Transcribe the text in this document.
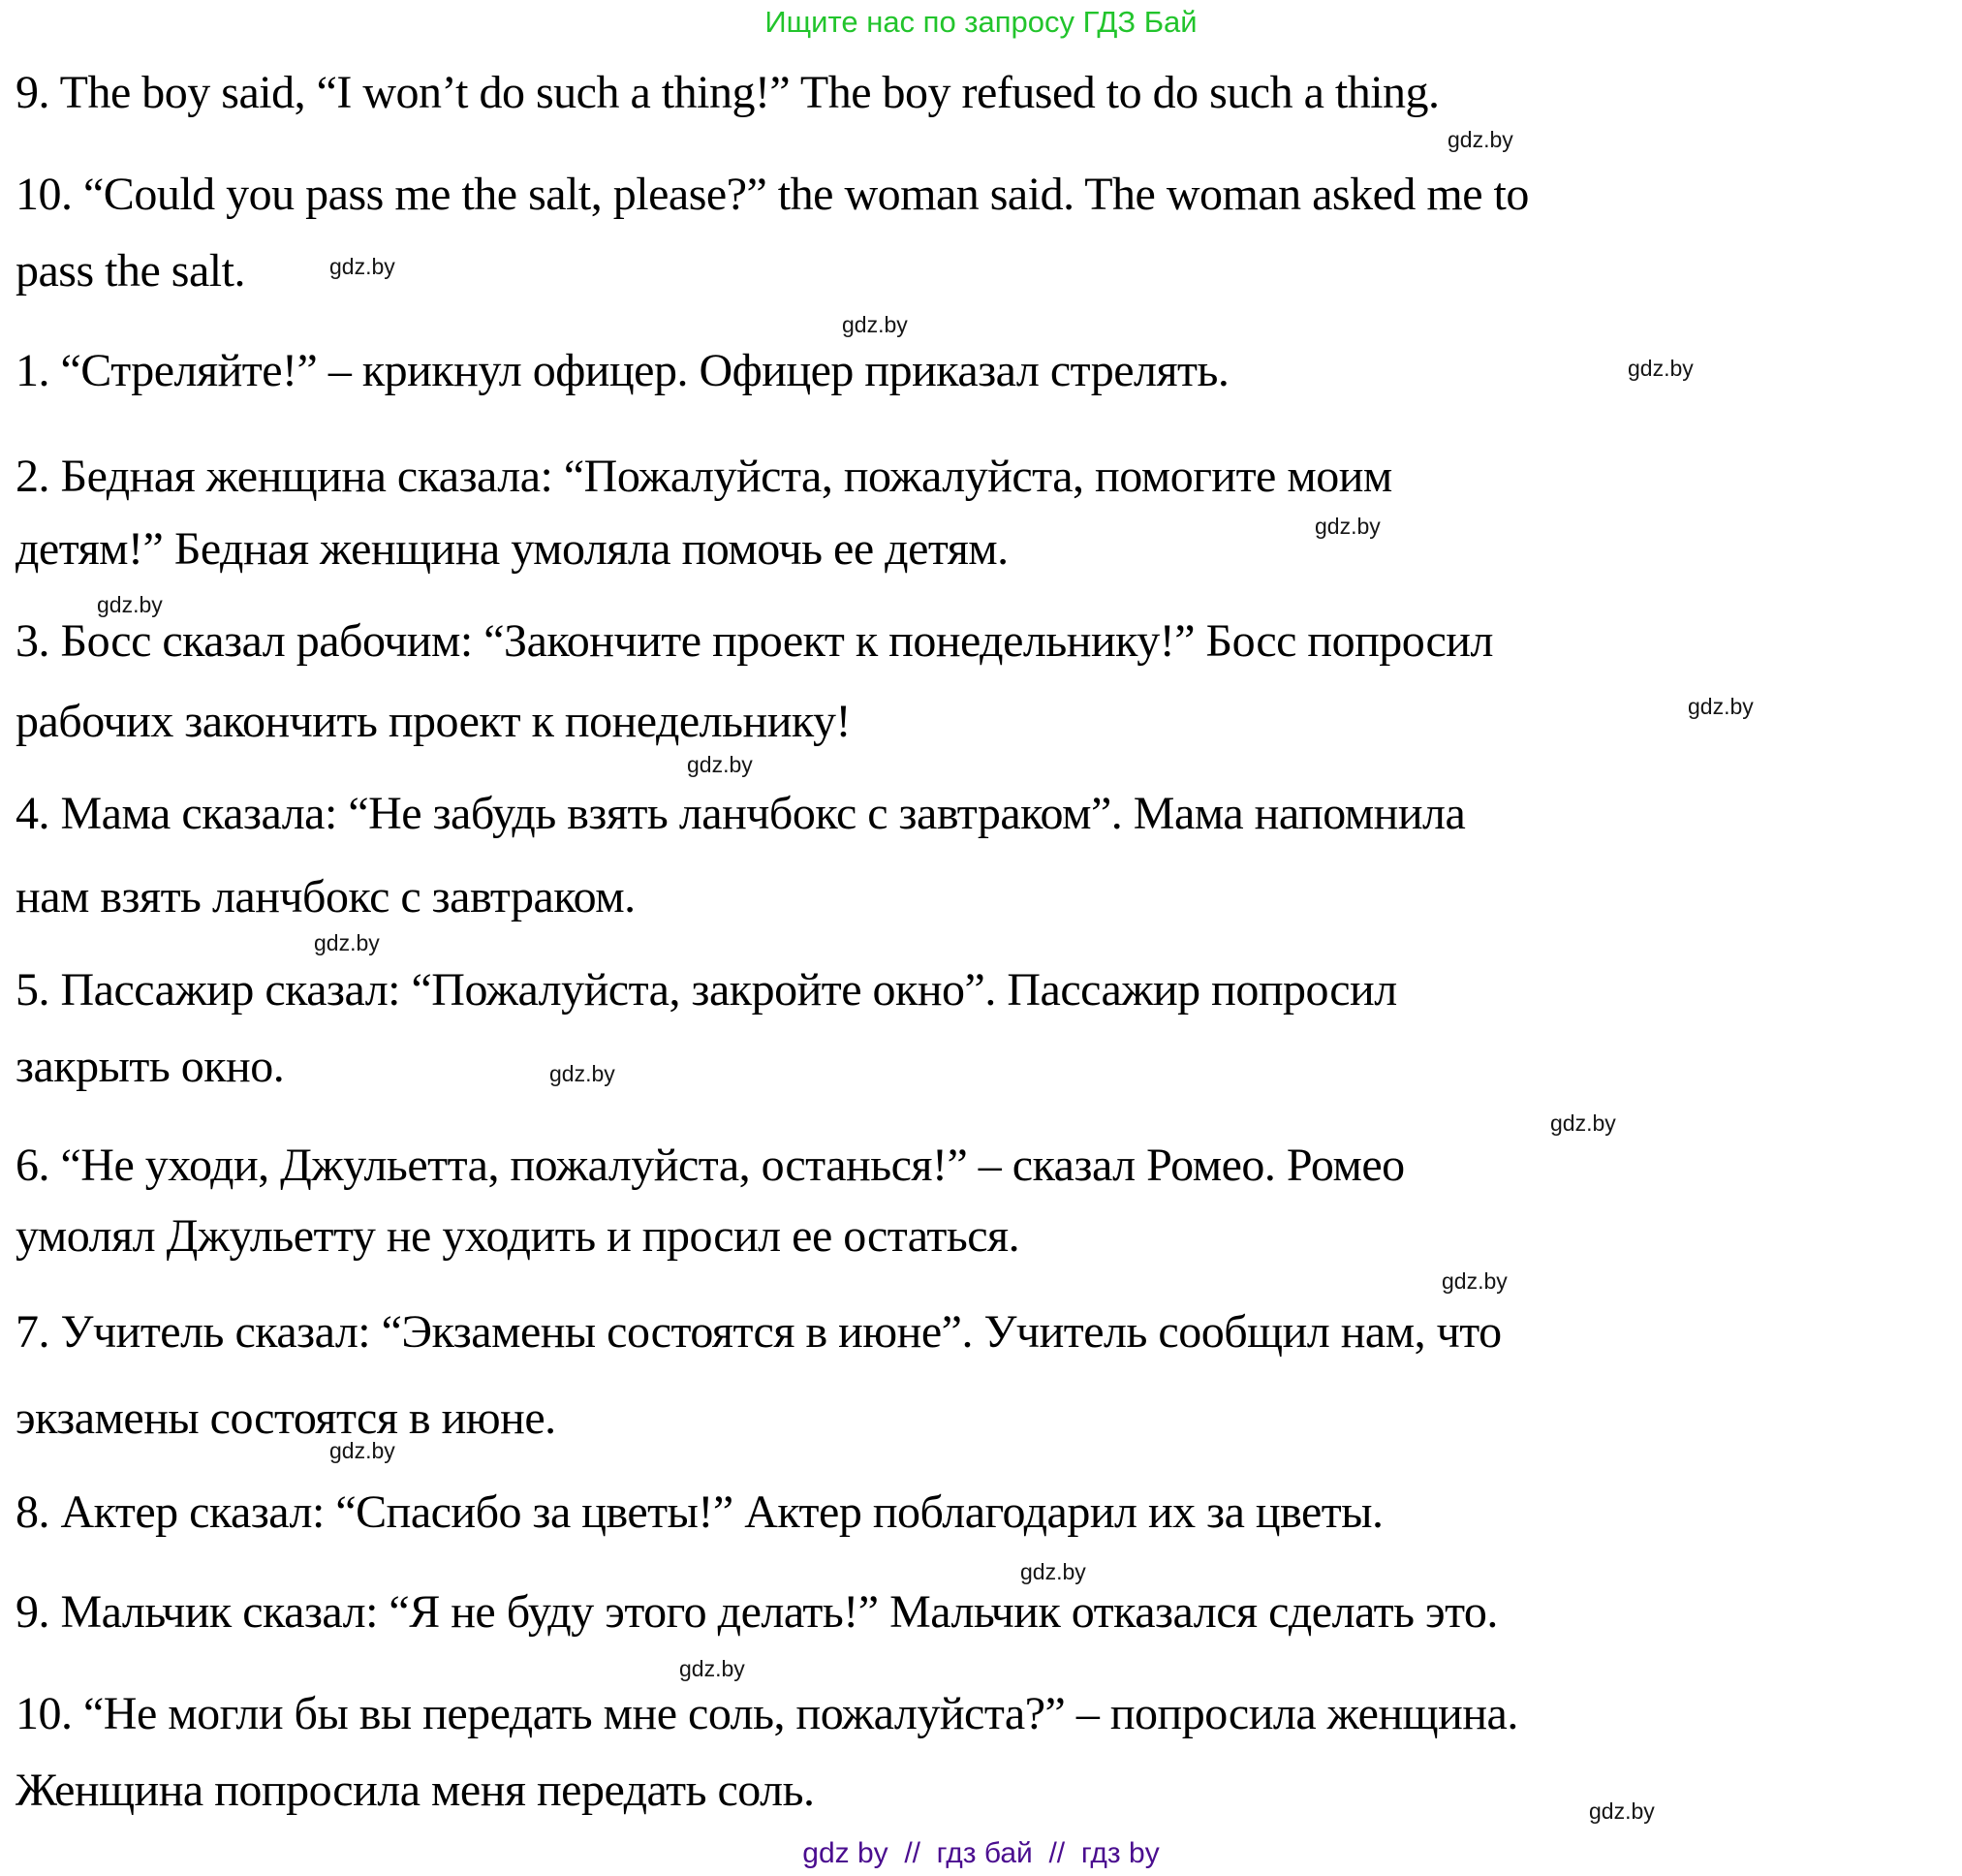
Ищите нас по запросу ГДЗ Бай
9. The boy said, “I won’t do such a thing!” The boy refused to do such a thing.
10. “Could you pass me the salt, please?” the woman said. The woman asked me to
pass the salt.
1. “Стреляйте!” – крикнул офицер. Офицер приказал стрелять.
2. Бедная женщина сказала: “Пожалуйста, пожалуйста, помогите моим
детям!” Бедная женщина умоляла помочь ее детям.
3. Босс сказал рабочим: “Закончите проект к понедельнику!” Босс попросил
рабочих закончить проект к понедельнику!
4. Мама сказала: “Не забудь взять ланчбокс с завтраком”. Мама напомнила
нам взять ланчбокс с завтраком.
5. Пассажир сказал: “Пожалуйста, закройте окно”. Пассажир попросил
закрыть окно.
6. “Не уходи, Джульетта, пожалуйста, останься!” – сказал Ромео. Ромео
умолял Джульетту не уходить и просил ее остаться.
7. Учитель сказал: “Экзамены состоятся в июне”. Учитель сообщил нам, что
экзамены состоятся в июне.
8. Актер сказал: “Спасибо за цветы!” Актер поблагодарил их за цветы.
9. Мальчик сказал: “Я не буду этого делать!” Мальчик отказался сделать это.
10. “Не могли бы вы передать мне соль, пожалуйста?” – попросила женщина.
Женщина попросила меня передать соль.
gdz.by
gdz.by
gdz.by
gdz.by
gdz.by
gdz.by
gdz.by
gdz.by
gdz.by
gdz.by
gdz.by
gdz.by
gdz.by
gdz.by
gdz.by
gdz.by
gdz by  //  гдз бай  //  гдз by
